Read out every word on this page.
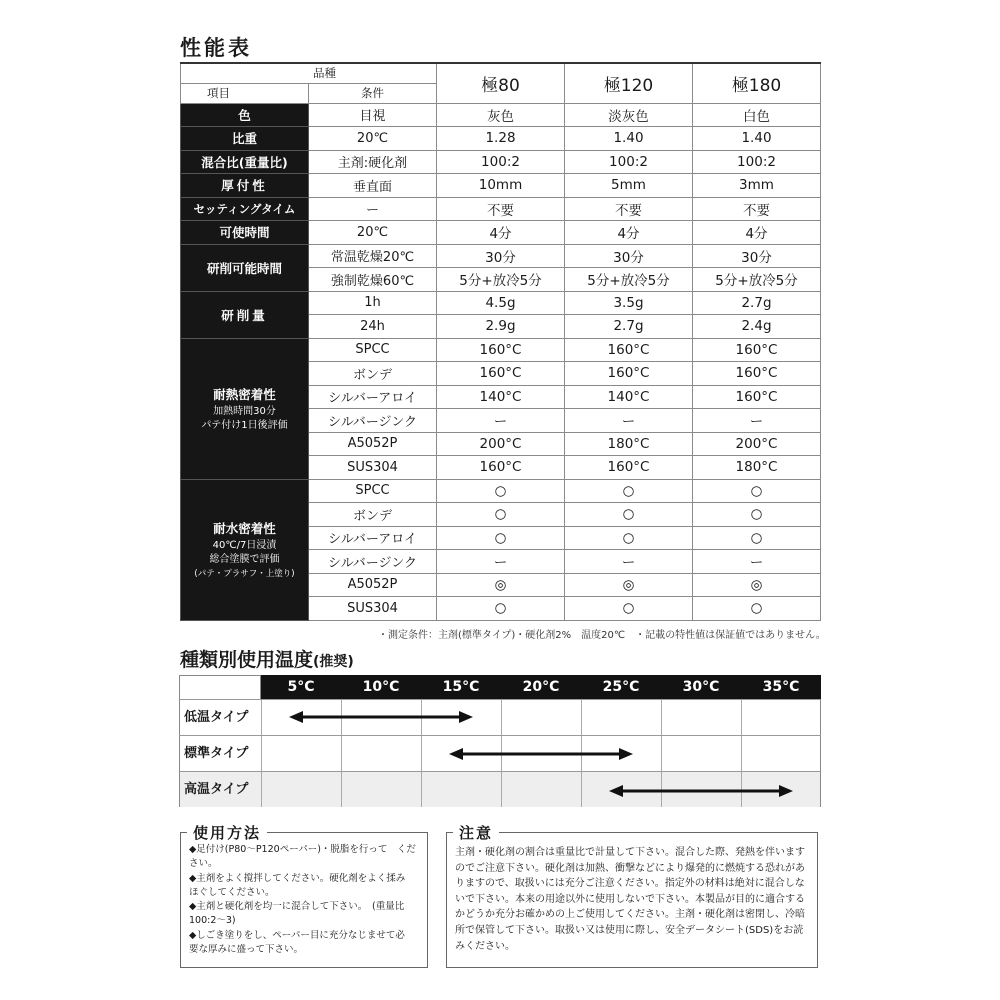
性能表
品種		極80	極120	極180
項目	条件			
色	目視	灰色	淡灰色	白色
比重	20℃	1.28	1.40	1.40
混合比(重量比)	主剤:硬化剤	100:2	100:2	100:2
厚付性	垂直面	10mm	5mm	3mm
セッティングタイム	ー	不要	不要	不要
可使時間	20℃	4分	4分	4分
研削可能時間	常温乾燥20℃	30分	30分	30分
	強制乾燥60℃	5分+放冷5分	5分+放冷5分	5分+放冷5分
研削量	1h	4.5g	3.5g	2.7g
	24h	2.9g	2.7g	2.4g

耐熱密着性
加熱時間30分
パテ付け1日後評価	SPCC	160°C	160°C	160°C
	ボンデ	160°C	160°C	160°C
	シルバーアロイ	140°C	140°C	160°C
	シルバージンク	ー	ー	ー
	A5052P	200°C	180°C	200°C
	SUS304	160°C	160°C	180°C

耐水密着性
40℃/7日浸漬
総合塗膜で評価
(パテ・プラサフ・上塗り)	SPCC	○	○	○
	ボンデ	○	○	○
	シルバーアロイ	○	○	○
	シルバージンク	ー	ー	ー
	A5052P	◎	◎	◎
	SUS304	○	○	○
・測定条件：主剤(標準タイプ)・硬化剤2%　温度20℃　・記載の特性値は保証値ではありません。
種類別使用温度(推奨)
5°C	10°C	15°C	20°C	25°C	30°C	35°C
低温タイプ
標準タイプ
高温タイプ
使用方法
◆足付け(P80〜P120ペーパー)・脱脂を行って　ください。
◆主剤をよく撹拌してください。硬化剤をよく揉み　ほぐしてください。
◆主剤と硬化剤を均一に混合して下さい。　(重量比 100:2〜3)
◆しごき塗りをし、ペーパー目に充分なじませて必　要な厚みに盛って下さい。
注意

主剤・硬化剤の割合は重量比で計量して下さい。混合した際、発熱を伴いますのでご注意下さい。硬化剤は加熱、衝撃などにより爆発的に燃焼する恐れがありますので、取扱いには充分ご注意ください。指定外の材料は絶対に混合しないで下さい。本来の用途以外に使用しないで下さい。本製品が目的に適合するかどうか充分お確かめの上ご使用してください。主剤・硬化剤は密閉し、冷暗所で保管して下さい。取扱い又は使用に際し、安全データシート(SDS)をお読みください。
